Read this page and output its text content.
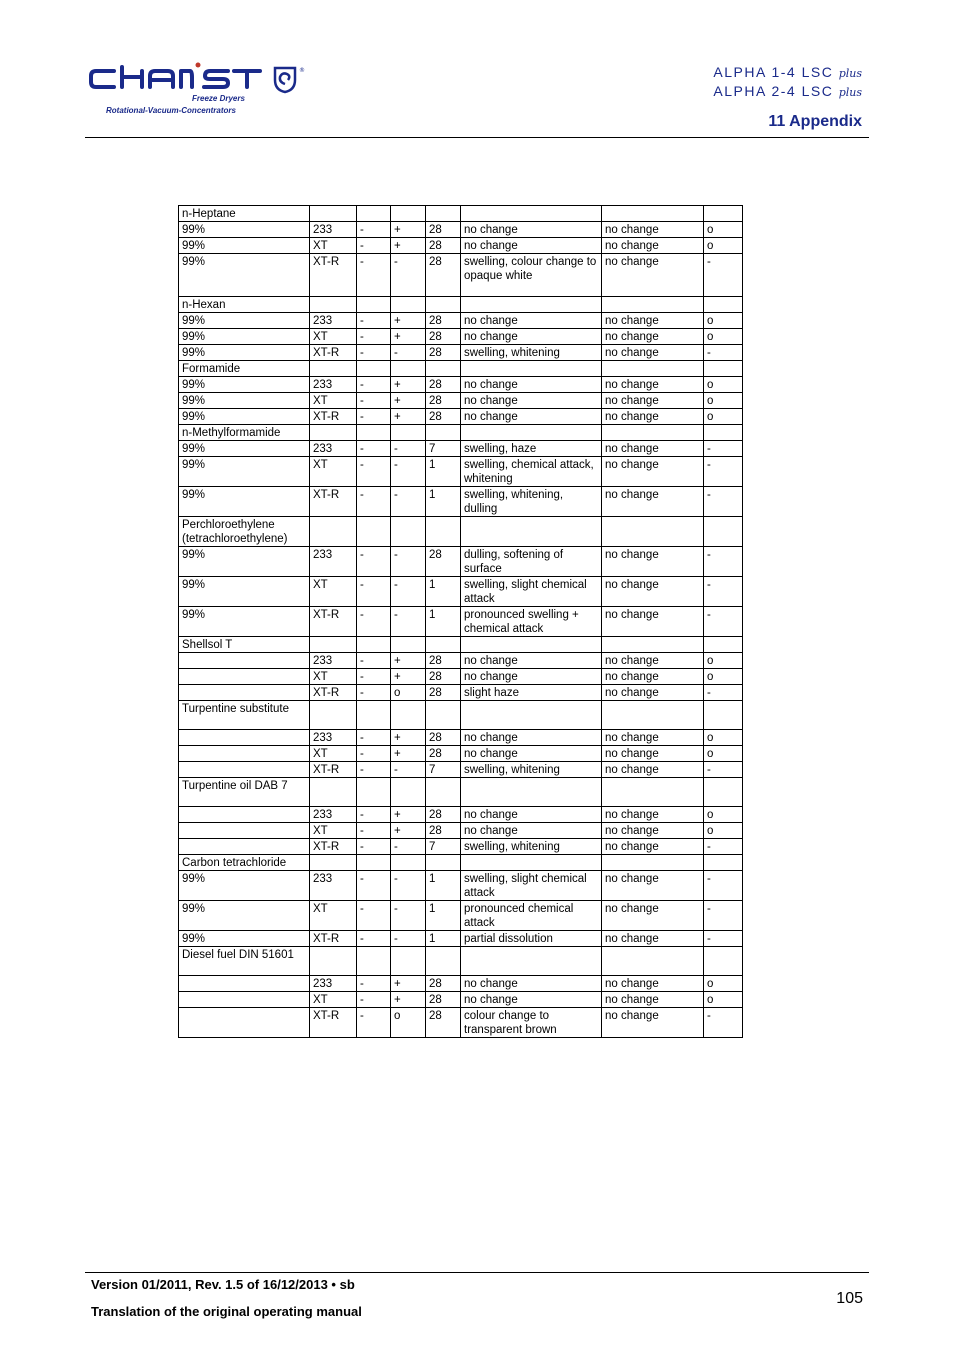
®
Freeze Dryers
Rotational-Vacuum-Concentrators
ALPHA 1-4 LSC plus
ALPHA 2-4 LSC plus
11 Appendix
n-Heptane							
99%	233	-	+	28	no change	no change	o
99%	XT	-	+	28	no change	no change	o
99%	XT-R	-	-	28	swelling, colour change to opaque white	no change	-
n-Hexan							
99%	233	-	+	28	no change	no change	o
99%	XT	-	+	28	no change	no change	o
99%	XT-R	-	-	28	swelling, whitening	no change	-
Formamide							
99%	233	-	+	28	no change	no change	o
99%	XT	-	+	28	no change	no change	o
99%	XT-R	-	+	28	no change	no change	o
n-Methylformamide							
99%	233	-	-	7	swelling, haze	no change	-
99%	XT	-	-	1	swelling, chemical attack, whitening	no change	-
99%	XT-R	-	-	1	swelling, whitening, dulling	no change	-
Perchloroethylene (tetrachloroethylene)							
99%	233	-	-	28	dulling, softening of surface	no change	-
99%	XT	-	-	1	swelling, slight chemical attack	no change	-
99%	XT-R	-	-	1	pronounced swelling + chemical attack	no change	-
Shellsol T							
	233	-	+	28	no change	no change	o
	XT	-	+	28	no change	no change	o
	XT-R	-	o	28	slight haze	no change	-
Turpentine substitute							
	233	-	+	28	no change	no change	o
	XT	-	+	28	no change	no change	o
	XT-R	-	-	7	swelling, whitening	no change	-
Turpentine oil DAB 7							
	233	-	+	28	no change	no change	o
	XT	-	+	28	no change	no change	o
	XT-R	-	-	7	swelling, whitening	no change	-
Carbon tetrachloride							
99%	233	-	-	1	swelling, slight chemical attack	no change	-
99%	XT	-	-	1	pronounced chemical attack	no change	-
99%	XT-R	-	-	1	partial dissolution	no change	-
Diesel fuel DIN 51601							
	233	-	+	28	no change	no change	o
	XT	-	+	28	no change	no change	o
	XT-R	-	o	28	colour change to transparent brown	no change	-
Version 01/2011, Rev. 1.5 of 16/12/2013 • sb
Translation of the original operating manual
105
